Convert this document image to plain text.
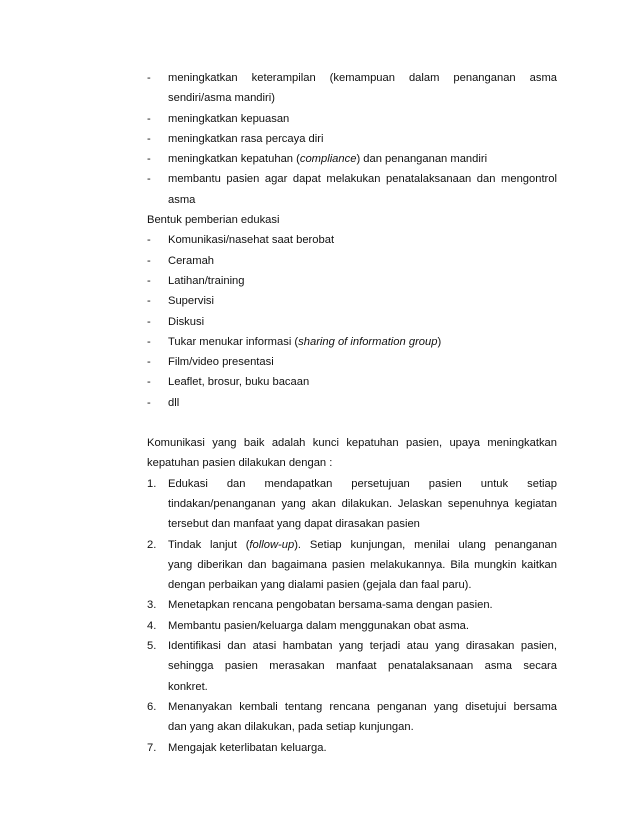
- meningkatkan keterampilan (kemampuan dalam penanganan asma
sendiri/asma mandiri)
- meningkatkan kepuasan
- meningkatkan rasa percaya diri
- meningkatkan kepatuhan (compliance) dan penanganan mandiri
- membantu pasien agar dapat melakukan penatalaksanaan dan mengontrol
asma
Bentuk pemberian edukasi
- Komunikasi/nasehat saat berobat
- Ceramah
- Latihan/training
- Supervisi
- Diskusi
- Tukar menukar informasi (sharing of information group)
- Film/video presentasi
- Leaflet, brosur, buku bacaan
- dll
Komunikasi yang baik adalah kunci kepatuhan pasien, upaya meningkatkan
kepatuhan pasien dilakukan dengan :
1. Edukasi dan mendapatkan persetujuan pasien untuk setiap
tindakan/penanganan yang akan dilakukan. Jelaskan sepenuhnya kegiatan
tersebut dan manfaat yang dapat dirasakan pasien
2. Tindak lanjut (follow-up). Setiap kunjungan, menilai ulang penanganan
yang diberikan dan bagaimana pasien melakukannya. Bila mungkin kaitkan
dengan perbaikan yang dialami pasien (gejala dan faal paru).
3. Menetapkan rencana pengobatan bersama-sama dengan pasien.
4. Membantu pasien/keluarga dalam menggunakan obat asma.
5. Identifikasi dan atasi hambatan yang terjadi atau yang dirasakan pasien,
sehingga pasien merasakan manfaat penatalaksanaan asma secara
konkret.
6. Menanyakan kembali tentang rencana penganan yang disetujui bersama
dan yang akan dilakukan, pada setiap kunjungan.
7. Mengajak keterlibatan keluarga.
